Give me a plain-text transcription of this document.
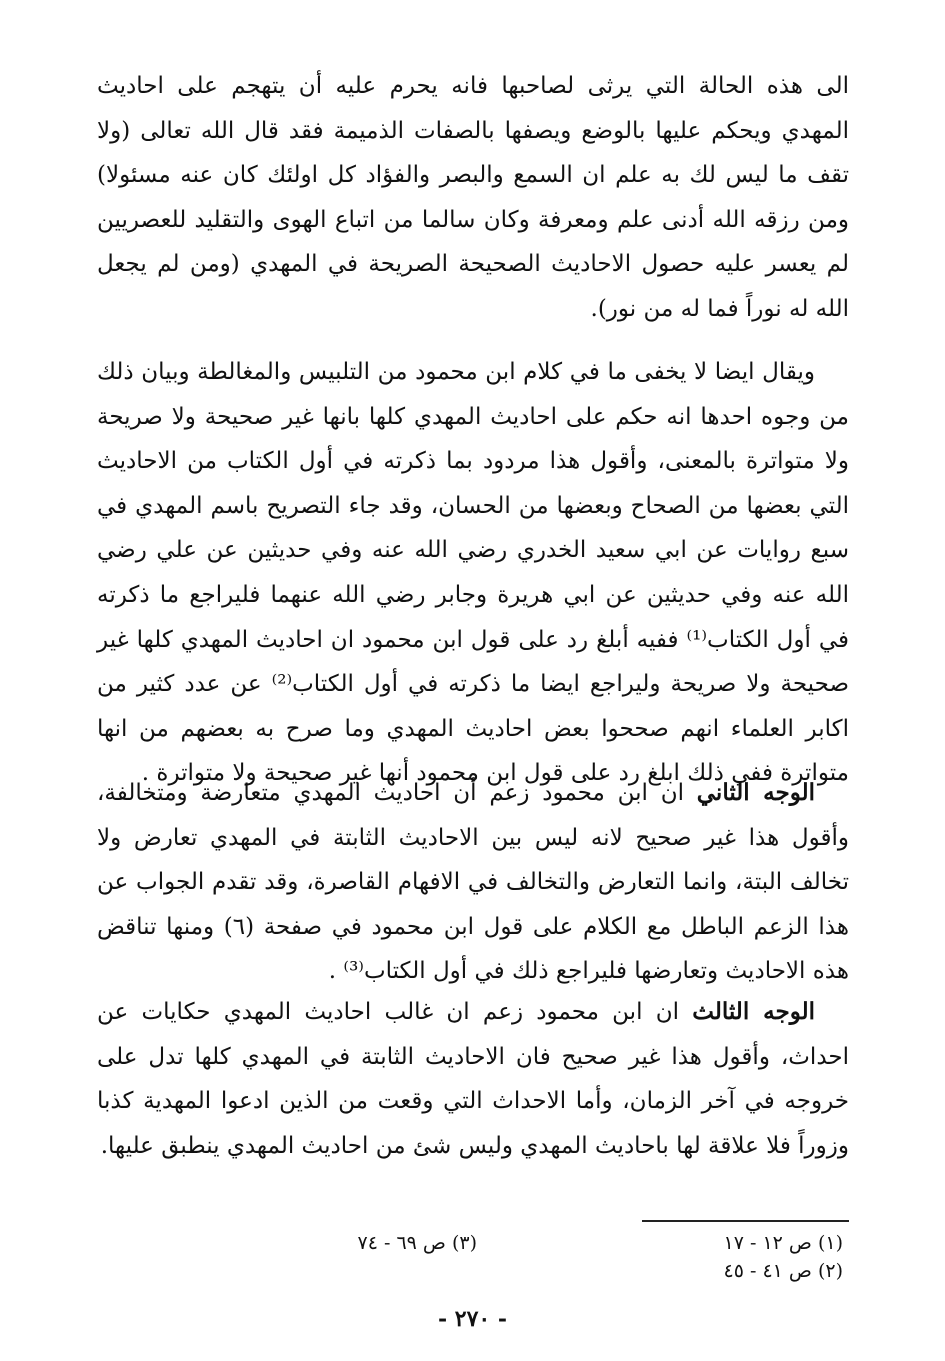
الى هذه الحالة التي يرثى لصاحبها فانه يحرم عليه أن يتهجم على احاديث المهدي ويحكم عليها بالوضع ويصفها بالصفات الذميمة فقد قال الله تعالى (ولا تقف ما ليس لك به علم ان السمع والبصر والفؤاد كل اولئك كان عنه مسئولا) ومن رزقه الله أدنى علم ومعرفة وكان سالما من اتباع الهوى والتقليد للعصريين لم يعسر عليه حصول الاحاديث الصحيحة الصريحة في المهدي (ومن لم يجعل الله له نوراً فما له من نور).

ويقال ايضا لا يخفى ما في كلام ابن محمود من التلبيس والمغالطة وبيان ذلك من وجوه احدها انه حكم على احاديث المهدي كلها بانها غير صحيحة ولا صريحة ولا متواترة بالمعنى، وأقول هذا مردود بما ذكرته في أول الكتاب من الاحاديث التي بعضها من الصحاح وبعضها من الحسان، وقد جاء التصريح باسم المهدي في سبع روايات عن ابي سعيد الخدري رضي الله عنه وفي حديثين عن علي رضي الله عنه وفي حديثين عن ابي هريرة وجابر رضي الله عنهما فليراجع ما ذكرته في أول الكتاب⁽¹⁾ ففيه أبلغ رد على قول ابن محمود ان احاديث المهدي كلها غير صحيحة ولا صريحة وليراجع ايضا ما ذكرته في أول الكتاب⁽²⁾ عن عدد كثير من اكابر العلماء انهم صححوا بعض احاديث المهدي وما صرح به بعضهم من انها متواترة ففي ذلك ابلغ رد على قول ابن محمود أنها غير صحيحة ولا متواترة .

الوجه الثاني ان ابن محمود زعم أن احاديث المهدي متعارضة ومتخالفة، وأقول هذا غير صحيح لانه ليس بين الاحاديث الثابتة في المهدي تعارض ولا تخالف البتة، وانما التعارض والتخالف في الافهام القاصرة، وقد تقدم الجواب عن هذا الزعم الباطل مع الكلام على قول ابن محمود في صفحة (٦) ومنها تناقض هذه الاحاديث وتعارضها فليراجع ذلك في أول الكتاب⁽³⁾ .

الوجه الثالث ان ابن محمود زعم ان غالب احاديث المهدي حكايات عن احداث، وأقول هذا غير صحيح فان الاحاديث الثابتة في المهدي كلها تدل على خروجه في آخر الزمان، وأما الاحداث التي وقعت من الذين ادعوا المهدية كذبا وزوراً فلا علاقة لها باحاديث المهدي وليس شئ من احاديث المهدي ينطبق عليها.

(١) ص ١٢ - ١٧
(٢) ص ٤١ - ٤٥
(٣) ص ٦٩ - ٧٤
- ٢٧٠ -
